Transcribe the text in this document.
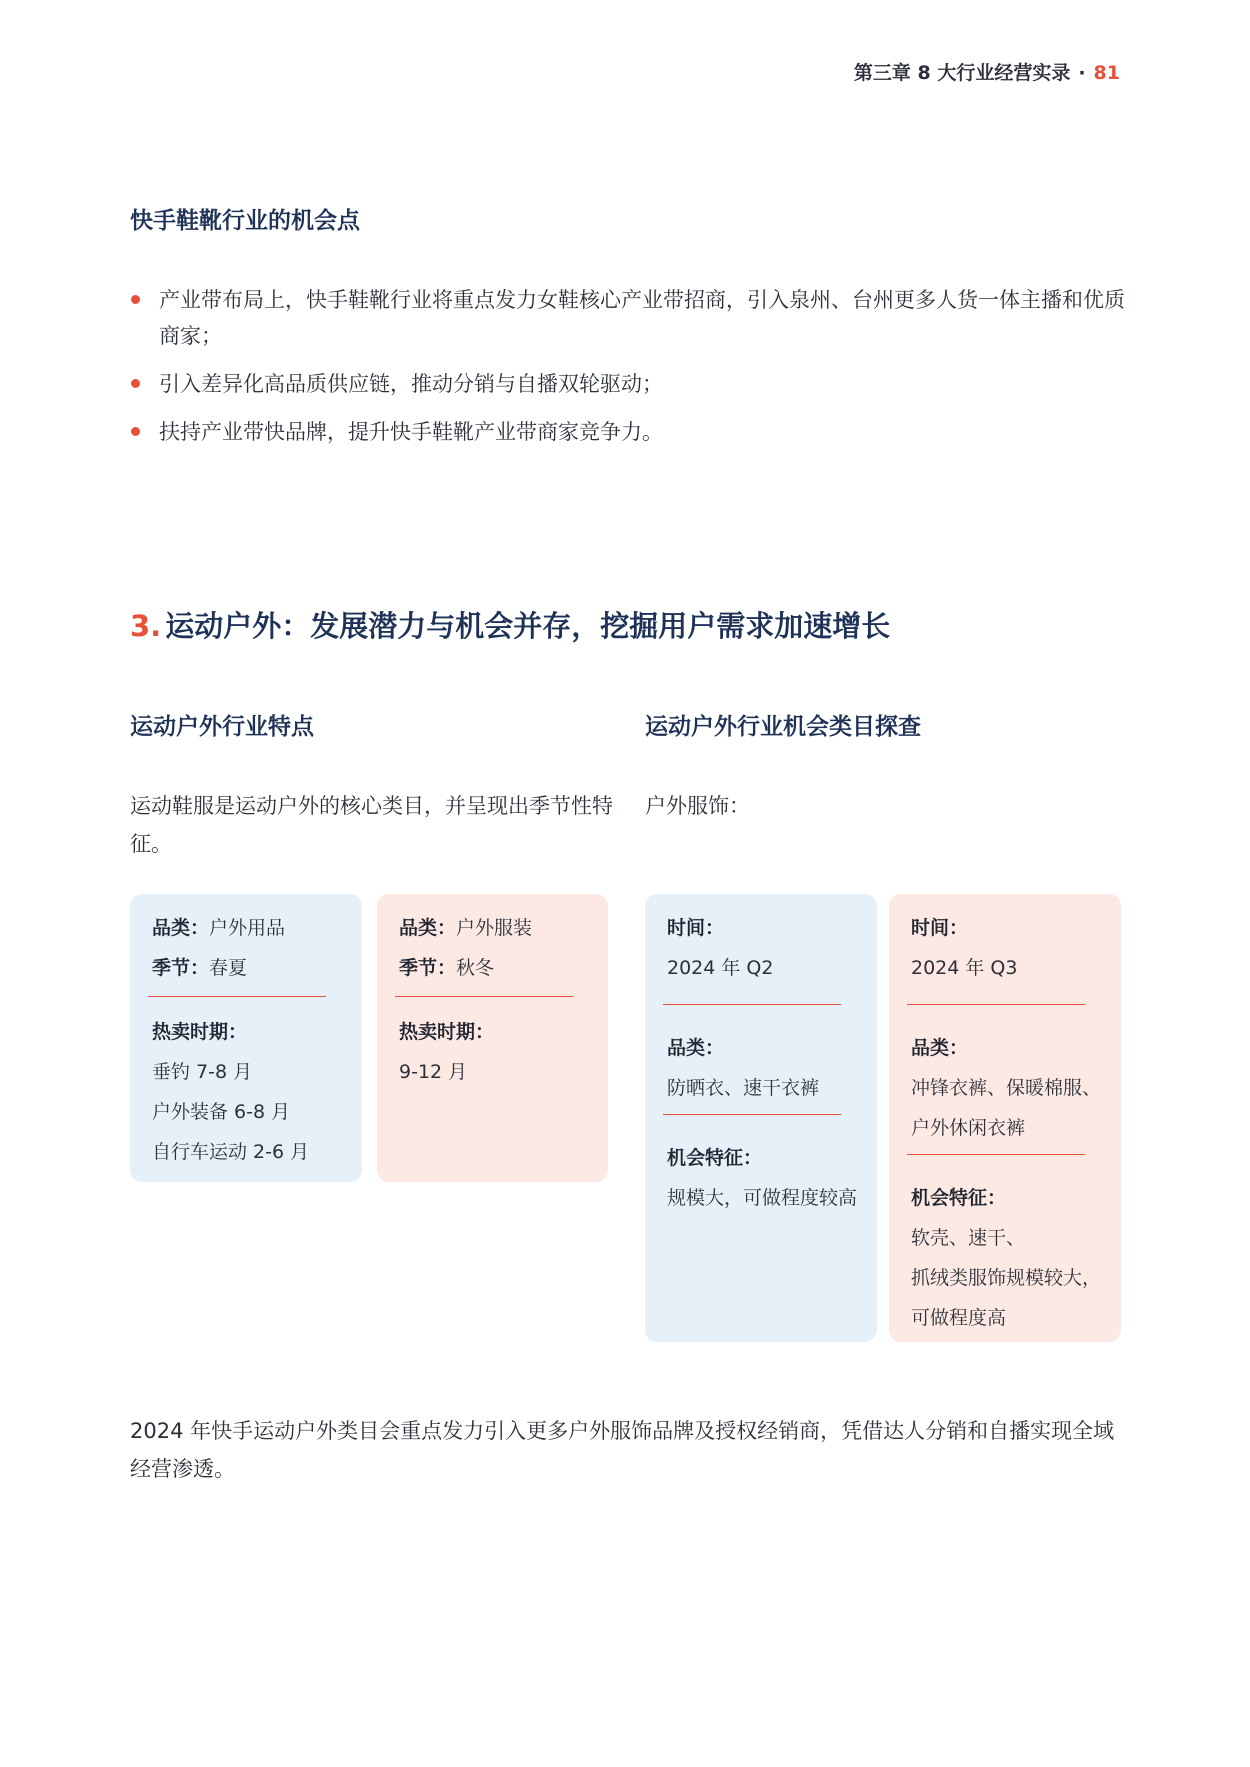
第三章 8 大行业经营实录 · 81
快手鞋靴行业的机会点
产业带布局上，快手鞋靴行业将重点发力女鞋核心产业带招商，引入泉州、台州更多人货一体主播和优质商家；
引入差异化高品质供应链，推动分销与自播双轮驱动；
扶持产业带快品牌，提升快手鞋靴产业带商家竞争力。
3. 运动户外：发展潜力与机会并存，挖掘用户需求加速增长
运动户外行业特点
运动鞋服是运动户外的核心类目，并呈现出季节性特征。
品类：户外用品
季节：春夏
热卖时期：
垂钓 7-8 月
户外装备 6-8 月
自行车运动 2-6 月
品类：户外服装
季节：秋冬
热卖时期：
9-12 月
运动户外行业机会类目探查
户外服饰：
时间：
2024 年 Q2
品类：
防晒衣、速干衣裤
机会特征：
规模大，可做程度较高
时间：
2024 年 Q3
品类：
冲锋衣裤、保暖棉服、
户外休闲衣裤
机会特征：
软壳、速干、
抓绒类服饰规模较大，
可做程度高
2024 年快手运动户外类目会重点发力引入更多户外服饰品牌及授权经销商，凭借达人分销和自播实现全域经营渗透。
